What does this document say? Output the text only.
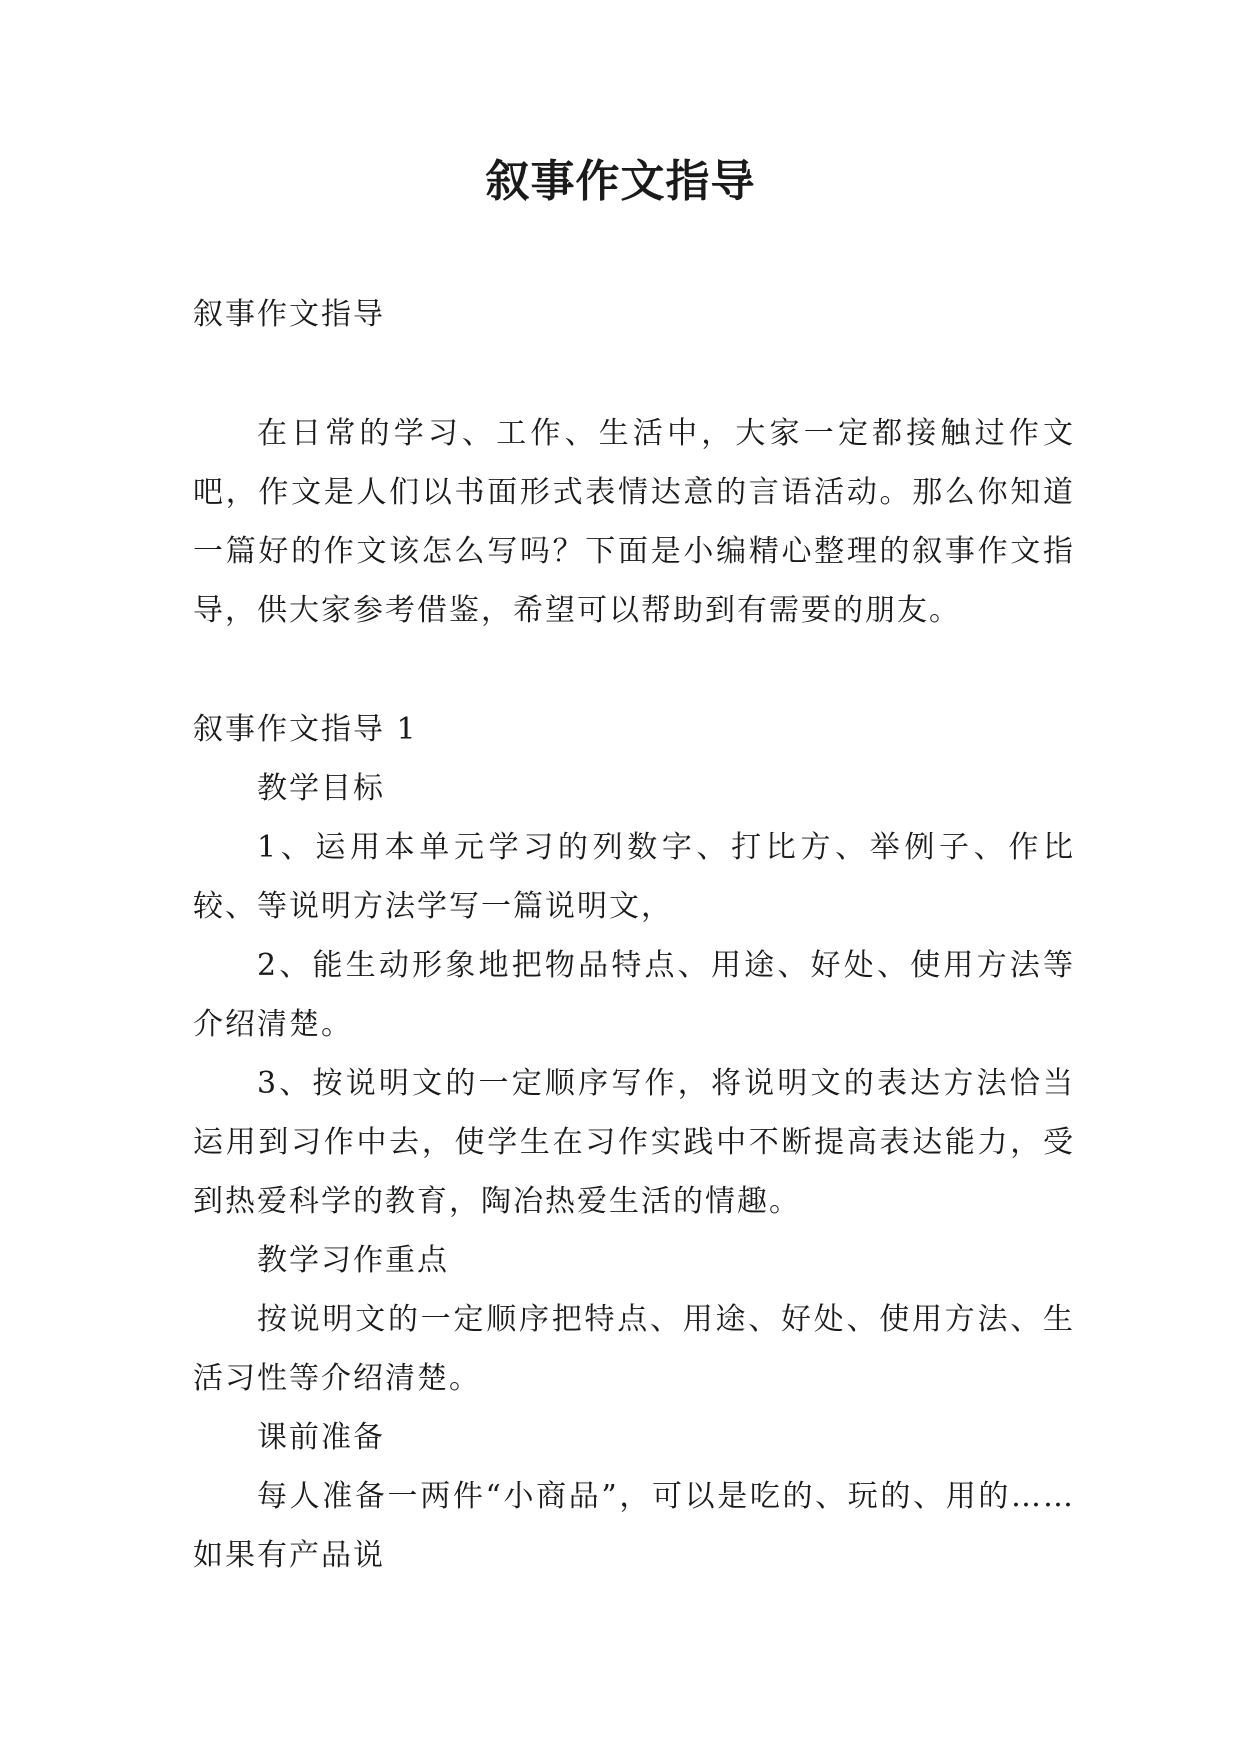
叙事作文指导

叙事作文指导

在日常的学习、工作、生活中，大家一定都接触过作文吧，作文是人们以书面形式表情达意的言语活动。那么你知道一篇好的作文该怎么写吗？下面是小编精心整理的叙事作文指导，供大家参考借鉴，希望可以帮助到有需要的朋友。

叙事作文指导 1

教学目标

1、运用本单元学习的列数字、打比方、举例子、作比较、等说明方法学写一篇说明文，

2、能生动形象地把物品特点、用途、好处、使用方法等介绍清楚。

3、按说明文的一定顺序写作，将说明文的表达方法恰当运用到习作中去，使学生在习作实践中不断提高表达能力，受到热爱科学的教育，陶冶热爱生活的情趣。

教学习作重点

按说明文的一定顺序把特点、用途、好处、使用方法、生活习性等介绍清楚。

课前准备

每人准备一两件“小商品”，可以是吃的、玩的、用的……如果有产品说
